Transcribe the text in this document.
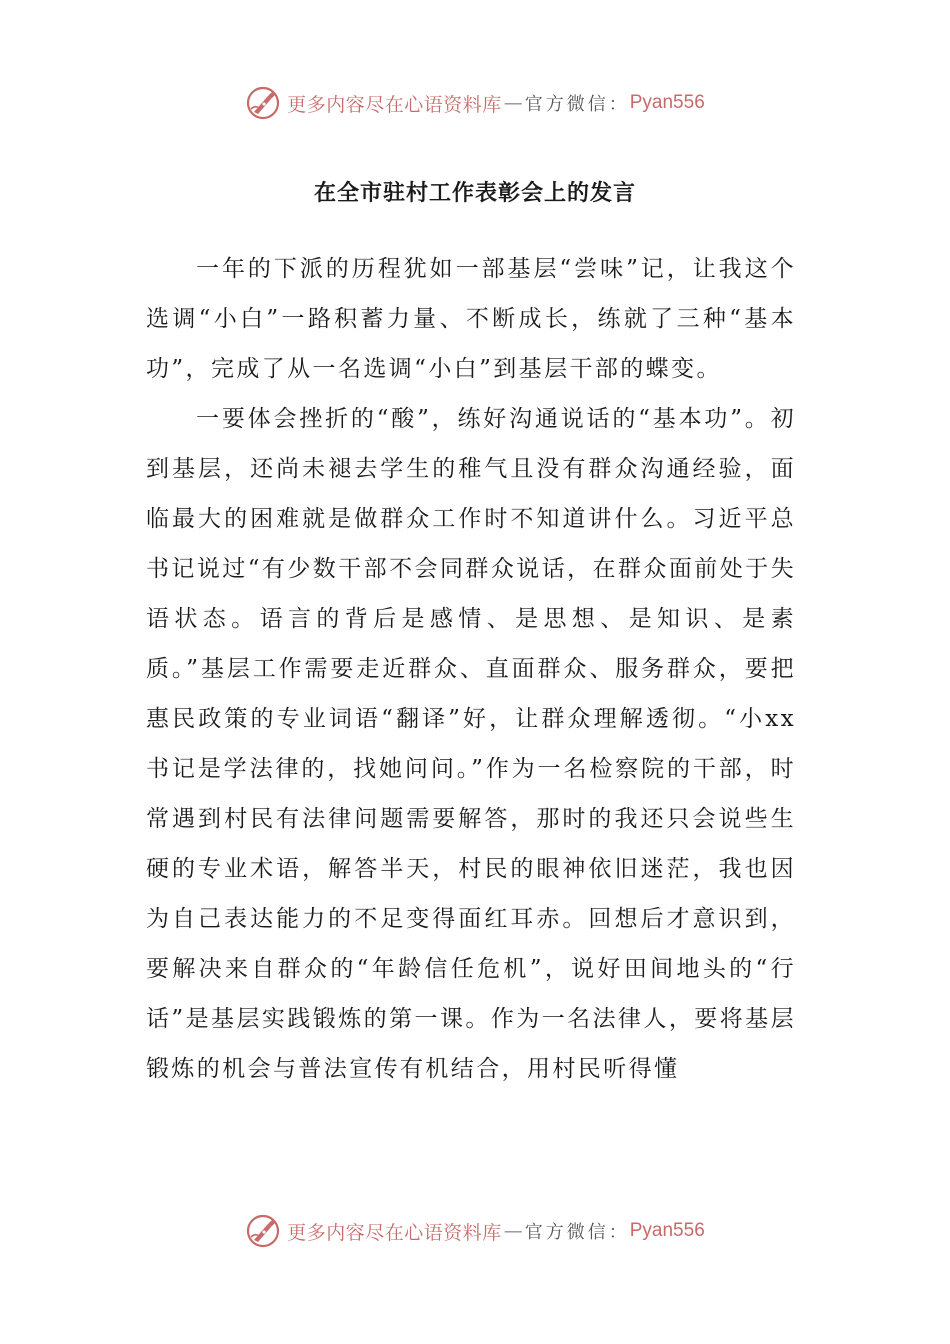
更多内容尽在心语资料库 — 官方微信： Pyan556
在全市驻村工作表彰会上的发言

一年的下派的历程犹如一部基层“尝味”记，让我这个选调“小白”一路积蓄力量、不断成长，练就了三种“基本功”，完成了从一名选调“小白”到基层干部的蝶变。

一要体会挫折的“酸”，练好沟通说话的“基本功”。初到基层，还尚未褪去学生的稚气且没有群众沟通经验，面临最大的困难就是做群众工作时不知道讲什么。习近平总书记说过“有少数干部不会同群众说话，在群众面前处于失语状态。语言的背后是感情、是思想、是知识、是素质。”基层工作需要走近群众、直面群众、服务群众，要把惠民政策的专业词语“翻译”好，让群众理解透彻。“小xx书记是学法律的，找她问问。”作为一名检察院的干部，时常遇到村民有法律问题需要解答，那时的我还只会说些生硬的专业术语，解答半天，村民的眼神依旧迷茫，我也因为自己表达能力的不足变得面红耳赤。回想后才意识到，要解决来自群众的“年龄信任危机”，说好田间地头的“行话”是基层实践锻炼的第一课。作为一名法律人，要将基层锻炼的机会与普法宣传有机结合，用村民听得懂

更多内容尽在心语资料库 — 官方微信： Pyan556
